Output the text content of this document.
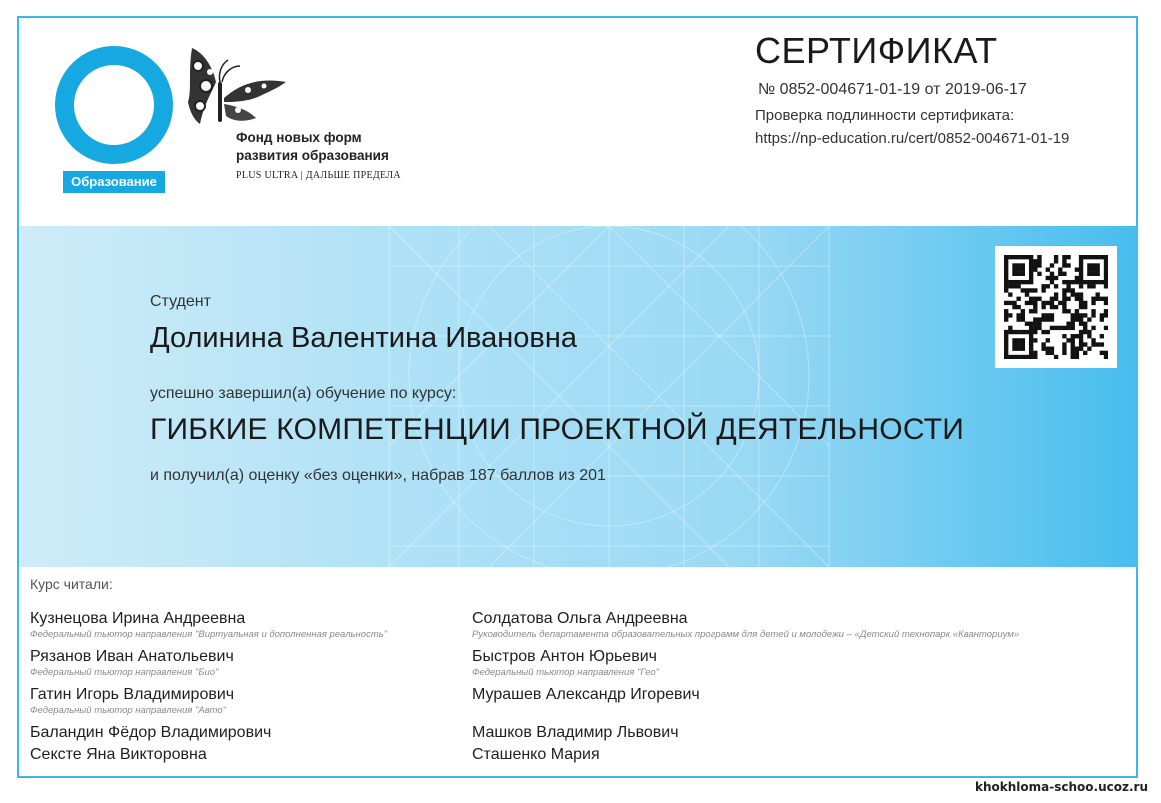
Образование
Фонд новых форм
развития образования
PLUS ULTRA | ДАЛЬШЕ ПРЕДЕЛА
СЕРТИФИКАТ
№ 0852-004671-01-19 от 2019-06-17
Проверка подлинности сертификата:
https://np-education.ru/cert/0852-004671-01-19
Студент
Долинина Валентина Ивановна
успешно завершил(а) обучение по курсу:
ГИБКИЕ КОМПЕТЕНЦИИ ПРОЕКТНОЙ ДЕЯТЕЛЬНОСТИ
и получил(а) оценку «без оценки», набрав 187 баллов из 201
Курс читали:
Кузнецова Ирина Андреевна
Федеральный тьютор направления "Виртуальная и дополненная реальность"
Рязанов Иван Анатольевич
Федеральный тьютор направления "Био"
Гатин Игорь Владимирович
Федеральный тьютор направления "Авто"
Баландин Фёдор Владимирович
Сексте Яна Викторовна
Солдатова Ольга Андреевна
Руководитель департамента образовательных программ для детей и молодежи – «Детский технопарк «Кванториум»
Быстров Антон Юрьевич
Федеральный тьютор направления "Гео"
Мурашев Александр Игоревич
Машков Владимир Львович
Сташенко Мария
khokhloma-schoo.ucoz.ru
